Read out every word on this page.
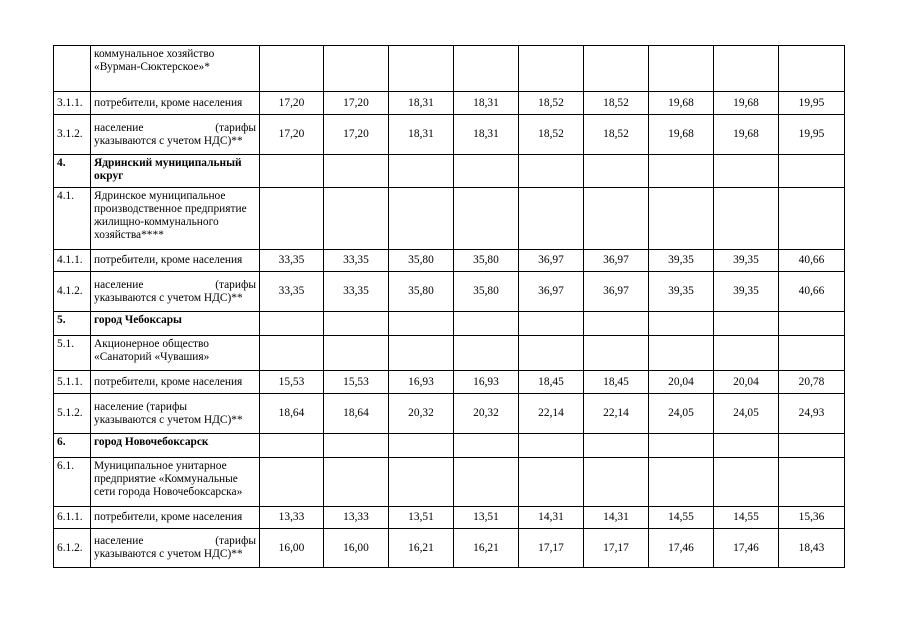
	коммунальное хозяйство
«Вурман-Сюктерское»*									

3.1.1.	потребители, кроме населения	17,20	17,20	18,31	18,31	18,52	18,52	19,68	19,68	19,95
3.1.2.	население (тарифы
указываются с учетом НДС)**	17,20	17,20	18,31	18,31	18,52	18,52	19,68	19,68	19,95
4.	Ядринский муниципальный
округ									

4.1.	Ядринское муниципальное
производственное предприятие
жилищно-коммунального
хозяйства****									

4.1.1.	потребители, кроме населения	33,35	33,35	35,80	35,80	36,97	36,97	39,35	39,35	40,66
4.1.2.	население (тарифы
указываются с учетом НДС)**	33,35	33,35	35,80	35,80	36,97	36,97	39,35	39,35	40,66
5.	город Чебоксары									

5.1.	Акционерное общество
«Санаторий «Чувашия»									

5.1.1.	потребители, кроме населения	15,53	15,53	16,93	16,93	18,45	18,45	20,04	20,04	20,78
5.1.2.	население (тарифы
указываются с учетом НДС)**	18,64	18,64	20,32	20,32	22,14	22,14	24,05	24,05	24,93
6.	город Новочебоксарск									

6.1.	Муниципальное унитарное
предприятие «Коммунальные
сети города Новочебоксарска»									

6.1.1.	потребители, кроме населения	13,33	13,33	13,51	13,51	14,31	14,31	14,55	14,55	15,36
6.1.2.	население (тарифы
указываются с учетом НДС)**	16,00	16,00	16,21	16,21	17,17	17,17	17,46	17,46	18,43
